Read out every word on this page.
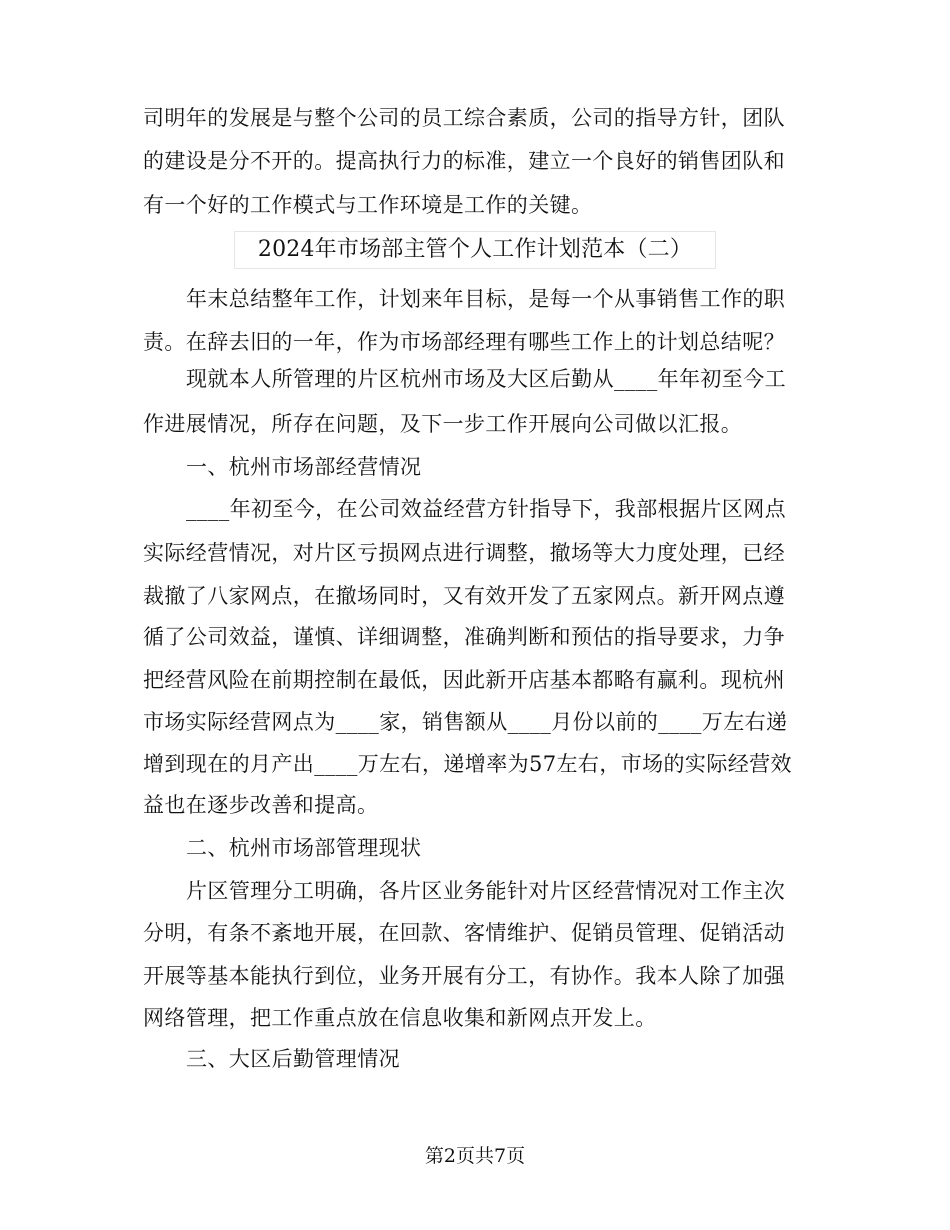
司明年的发展是与整个公司的员工综合素质，公司的指导方针，团队
的建设是分不开的。提高执行力的标准，建立一个良好的销售团队和
有一个好的工作模式与工作环境是工作的关键。
2024年市场部主管个人工作计划范本（二）
年末总结整年工作，计划来年目标，是每一个从事销售工作的职
责。在辞去旧的一年，作为市场部经理有哪些工作上的计划总结呢？
现就本人所管理的片区杭州市场及大区后勤从____年年初至今工
作进展情况，所存在问题，及下一步工作开展向公司做以汇报。
一、杭州市场部经营情况
____年初至今，在公司效益经营方针指导下，我部根据片区网点
实际经营情况，对片区亏损网点进行调整，撤场等大力度处理，已经
裁撤了八家网点，在撤场同时，又有效开发了五家网点。新开网点遵
循了公司效益，谨慎、详细调整，准确判断和预估的指导要求，力争
把经营风险在前期控制在最低，因此新开店基本都略有赢利。现杭州
市场实际经营网点为____家，销售额从____月份以前的____万左右递
增到现在的月产出____万左右，递增率为57左右，市场的实际经营效
益也在逐步改善和提高。
二、杭州市场部管理现状
片区管理分工明确，各片区业务能针对片区经营情况对工作主次
分明，有条不紊地开展，在回款、客情维护、促销员管理、促销活动
开展等基本能执行到位，业务开展有分工，有协作。我本人除了加强
网络管理，把工作重点放在信息收集和新网点开发上。
三、大区后勤管理情况
第2页共7页
